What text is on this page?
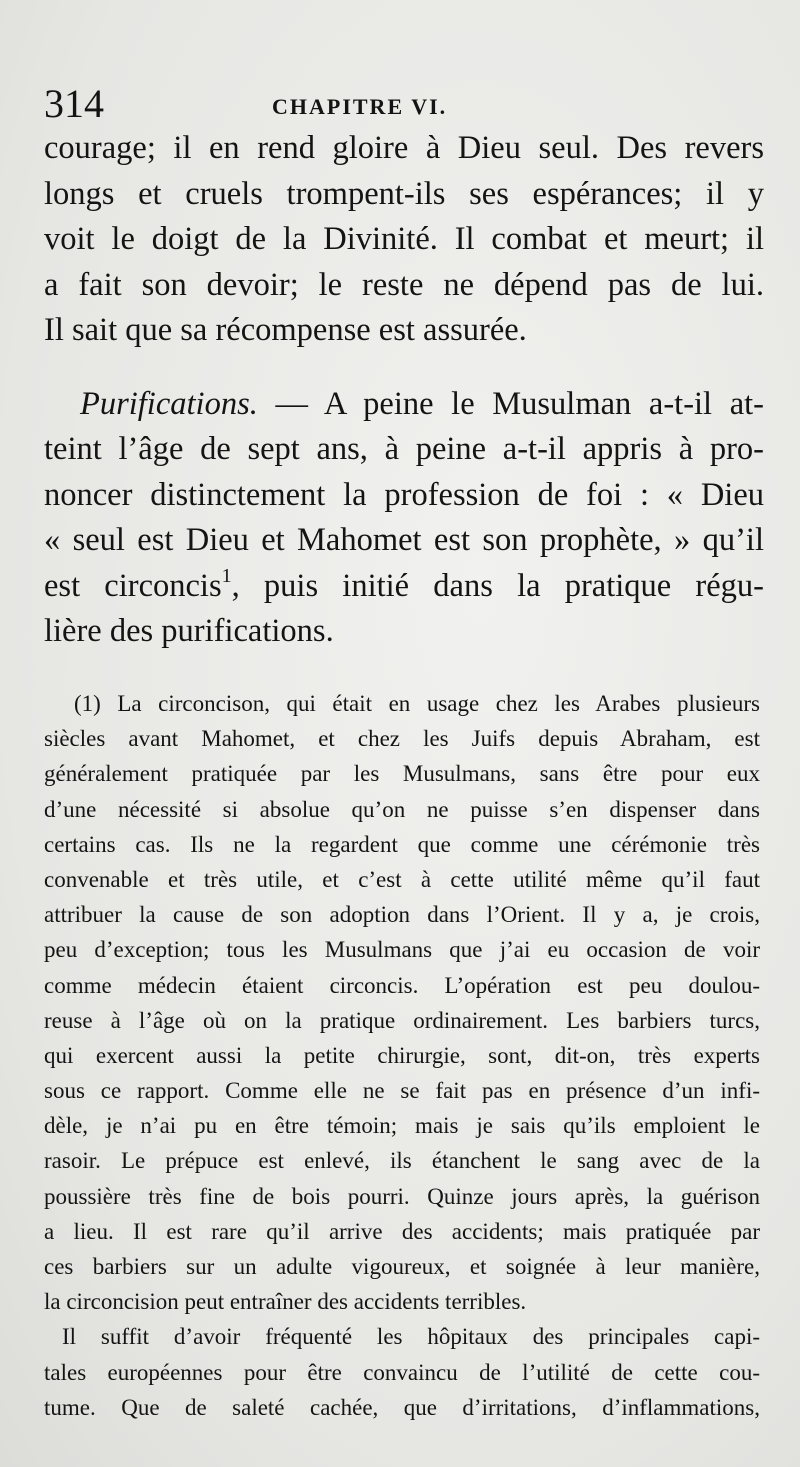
314	CHAPITRE VI.
courage; il en rend gloire à Dieu seul. Des revers
longs et cruels trompent-ils ses espérances; il y
voit le doigt de la Divinité. Il combat et meurt; il
a fait son devoir; le reste ne dépend pas de lui.
Il sait que sa récompense est assurée.
Purifications. — A peine le Musulman a-t-il at-
teint l’âge de sept ans, à peine a-t-il appris à pro-
noncer distinctement la profession de foi : « Dieu
« seul est Dieu et Mahomet est son prophète, » qu’il
est circoncis$^1$, puis initié dans la pratique régu-
lière des purifications.
(1) La circoncison, qui était en usage chez les Arabes plusieurs
siècles avant Mahomet, et chez les Juifs depuis Abraham, est
généralement pratiquée par les Musulmans, sans être pour eux
d’une nécessité si absolue qu’on ne puisse s’en dispenser dans
certains cas. Ils ne la regardent que comme une cérémonie très
convenable et très utile, et c’est à cette utilité même qu’il faut
attribuer la cause de son adoption dans l’Orient. Il y a, je crois,
peu d’exception; tous les Musulmans que j’ai eu occasion de voir
comme médecin étaient circoncis. L’opération est peu doulou-
reuse à l’âge où on la pratique ordinairement. Les barbiers turcs,
qui exercent aussi la petite chirurgie, sont, dit-on, très experts
sous ce rapport. Comme elle ne se fait pas en présence d’un infi-
dèle, je n’ai pu en être témoin; mais je sais qu’ils emploient le
rasoir. Le prépuce est enlevé, ils étanchent le sang avec de la
poussière très fine de bois pourri. Quinze jours après, la guérison
a lieu. Il est rare qu’il arrive des accidents; mais pratiquée par
ces barbiers sur un adulte vigoureux, et soignée à leur manière,
la circoncision peut entraîner des accidents terribles.
Il suffit d’avoir fréquenté les hôpitaux des principales capi-
tales européennes pour être convaincu de l’utilité de cette cou-
tume. Que de saleté cachée, que d’irritations, d’inflammations,
